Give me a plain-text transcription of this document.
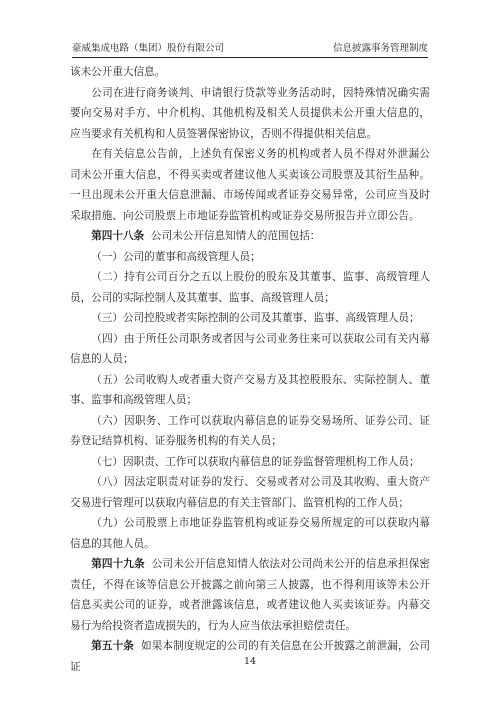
豪威集成电路（集团）股份有限公司	信息披露事务管理制度

该未公开重大信息。

公司在进行商务谈判、申请银行贷款等业务活动时，因特殊情况确实需要向交易对手方、中介机构、其他机构及相关人员提供未公开重大信息的，应当要求有关机构和人员签署保密协议，否则不得提供相关信息。

在有关信息公告前，上述负有保密义务的机构或者人员不得对外泄漏公司未公开重大信息，不得买卖或者建议他人买卖该公司股票及其衍生品种。一旦出现未公开重大信息泄漏、市场传闻或者证券交易异常，公司应当及时采取措施、向公司股票上市地证券监管机构或证券交易所报告并立即公告。

第四十八条 公司未公开信息知情人的范围包括：

（一）公司的董事和高级管理人员；

（二）持有公司百分之五以上股份的股东及其董事、监事、高级管理人员，公司的实际控制人及其董事、监事、高级管理人员；

（三）公司控股或者实际控制的公司及其董事、监事、高级管理人员；

（四）由于所任公司职务或者因与公司业务往来可以获取公司有关内幕信息的人员；

（五）公司收购人或者重大资产交易方及其控股股东、实际控制人、董事、监事和高级管理人员；

（六）因职务、工作可以获取内幕信息的证券交易场所、证券公司、证券登记结算机构、证券服务机构的有关人员；

（七）因职责、工作可以获取内幕信息的证券监督管理机构工作人员；

（八）因法定职责对证券的发行、交易或者对公司及其收购、重大资产交易进行管理可以获取内幕信息的有关主管部门、监管机构的工作人员；

（九）公司股票上市地证券监管机构或证券交易所规定的可以获取内幕信息的其他人员。

第四十九条 公司未公开信息知情人依法对公司尚未公开的信息承担保密责任，不得在该等信息公开披露之前向第三人披露，也不得利用该等未公开信息买卖公司的证券，或者泄露该信息，或者建议他人买卖该证券。内幕交易行为给投资者造成损失的，行为人应当依法承担赔偿责任。

第五十条 如果本制度规定的公司的有关信息在公开披露之前泄漏，公司证	14
